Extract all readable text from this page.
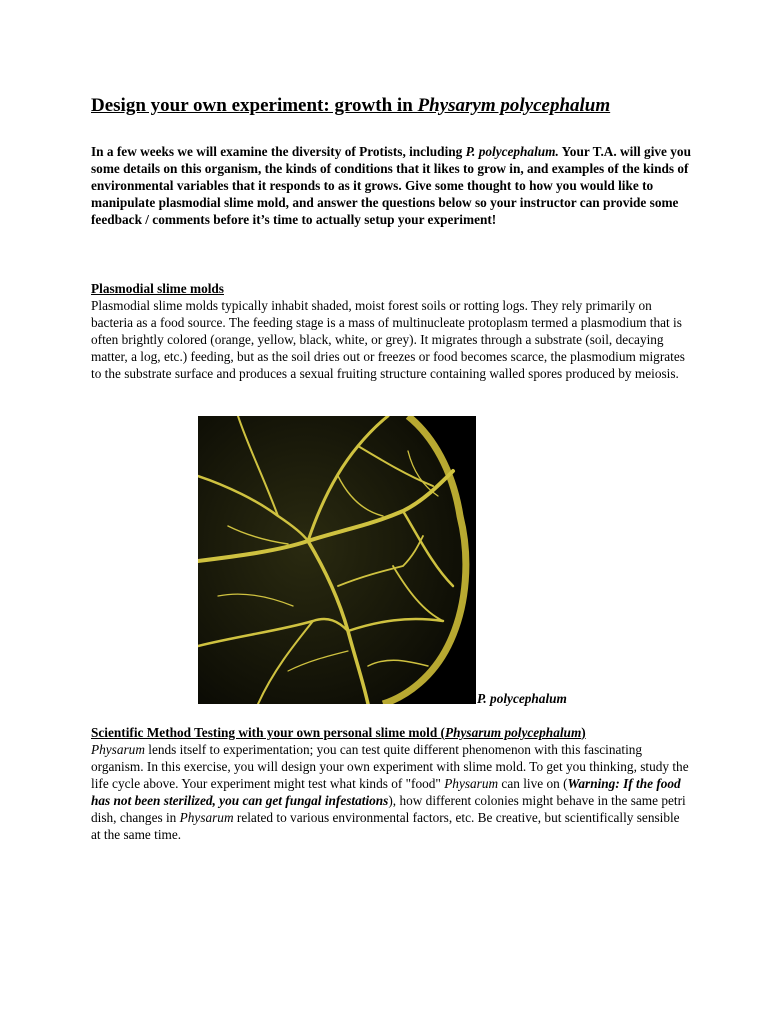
Design your own experiment: growth in Physarym polycephalum

In a few weeks we will examine the diversity of Protists, including P. polycephalum. Your T.A. will give you some details on this organism, the kinds of conditions that it likes to grow in, and examples of the kinds of environmental variables that it responds to as it grows. Give some thought to how you would like to manipulate plasmodial slime mold, and answer the questions below so your instructor can provide some feedback / comments before it’s time to actually setup your experiment!

Plasmodial slime molds

Plasmodial slime molds typically inhabit shaded, moist forest soils or rotting logs. They rely primarily on bacteria as a food source. The feeding stage is a mass of multinucleate protoplasm termed a plasmodium that is often brightly colored (orange, yellow, black, white, or grey). It migrates through a substrate (soil, decaying matter, a log, etc.) feeding, but as the soil dries out or freezes or food becomes scarce, the plasmodium migrates to the substrate surface and produces a sexual fruiting structure containing walled spores produced by meiosis.

P. polycephalum

Scientific Method Testing with your own personal slime mold (Physarum polycephalum)

Physarum lends itself to experimentation; you can test quite different phenomenon with this fascinating organism. In this exercise, you will design your own experiment with slime mold. To get you thinking, study the life cycle above. Your experiment might test what kinds of "food" Physarum can live on (Warning: If the food has not been sterilized, you can get fungal infestations), how different colonies might behave in the same petri dish, changes in Physarum related to various environmental factors, etc. Be creative, but scientifically sensible at the same time.
